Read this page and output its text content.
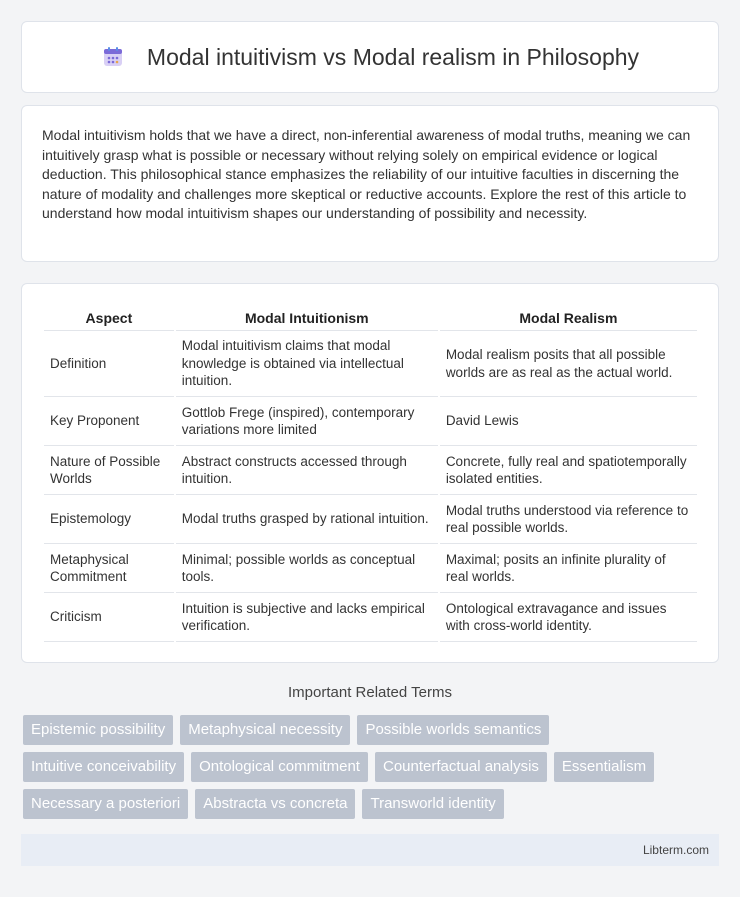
Modal intuitivism vs Modal realism in Philosophy

Modal intuitivism holds that we have a direct, non-inferential awareness of modal truths, meaning we can intuitively grasp what is possible or necessary without relying solely on empirical evidence or logical deduction. This philosophical stance emphasizes the reliability of our intuitive faculties in discerning the nature of modality and challenges more skeptical or reductive accounts. Explore the rest of this article to understand how modal intuitivism shapes our understanding of possibility and necessity.

Aspect	Modal Intuitionism	Modal Realism
Definition	Modal intuitivism claims that modal knowledge is obtained via intellectual intuition.	Modal realism posits that all possible worlds are as real as the actual world.
Key Proponent	Gottlob Frege (inspired), contemporary variations more limited	David Lewis
Nature of Possible Worlds	Abstract constructs accessed through intuition.	Concrete, fully real and spatiotemporally isolated entities.
Epistemology	Modal truths grasped by rational intuition.	Modal truths understood via reference to real possible worlds.
Metaphysical Commitment	Minimal; possible worlds as conceptual tools.	Maximal; posits an infinite plurality of real worlds.
Criticism	Intuition is subjective and lacks empirical verification.	Ontological extravagance and issues with cross-world identity.
Important Related Terms
Epistemic possibility	Metaphysical necessity	Possible worlds semantics
Intuitive conceivability	Ontological commitment	Counterfactual analysis	Essentialism
Necessary a posteriori	Abstracta vs concreta	Transworld identity
Libterm.com
